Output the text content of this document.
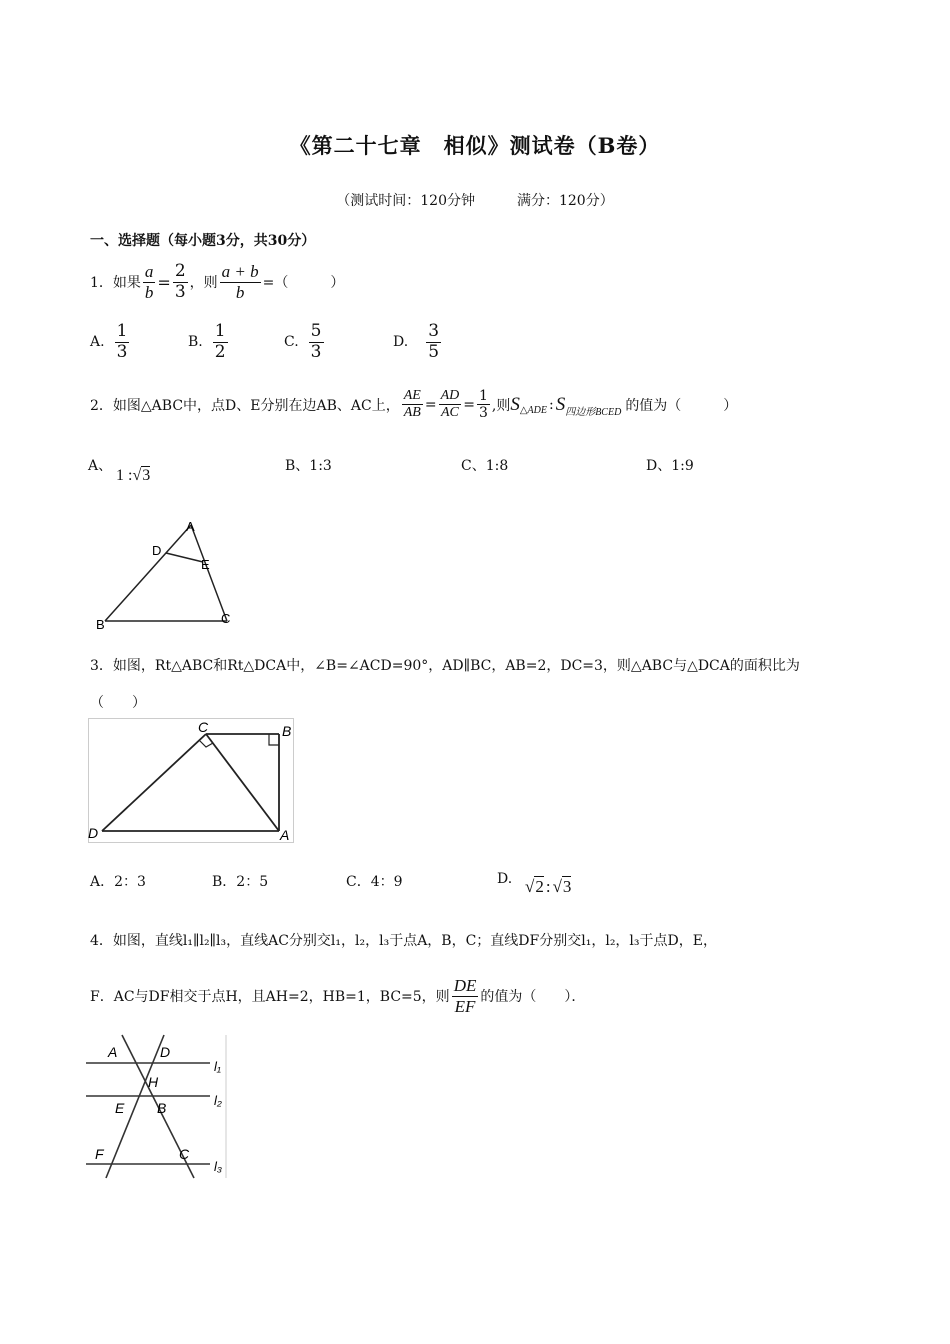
《第二十七章　相似》测试卷（B卷）
（测试时间：120分钟　　　满分：120分）
一、选择题（每小题3分，共30分）
1．如果 $\frac{a}{b} = \frac{2}{3}$ ，则 $\frac{a + b}{b}$ =（　　　）
A. $\frac{1}{3}$	B. $\frac{1}{2}$	C. $\frac{5}{3}$	D. $\frac{3}{5}$
2．如图△ABC中，点D、E分别在边AB、AC上， $\frac{AE}{AB} = \frac{AD}{AC} = \frac{1}{3}$ ,则 S △ADE : S 四边形BCED 的值为（　　　）
A、
1 :√3
B、1:3	C、1:8	D、1:9
A
D
E
B	C
3．如图，Rt△ABC和Rt△DCA中，∠B=∠ACD=90°，AD∥BC，AB=2，DC=3，则△ABC与△DCA的面积比为
（　　）
C	B
D	A
A．2：3	B．2：5	C．4：9	D. √2 : √3
4．如图，直线l₁∥l₂∥l₃，直线AC分别交l₁，l₂，l₃于点A，B，C；直线DF分别交l₁，l₂，l₃于点D，E，
F．AC与DF相交于点H，且AH=2，HB=1，BC=5，则 $\frac{DE}{EF}$ 的值为（　　）．
A	D
H
E B
F	C
l₁
l₂
l₃
